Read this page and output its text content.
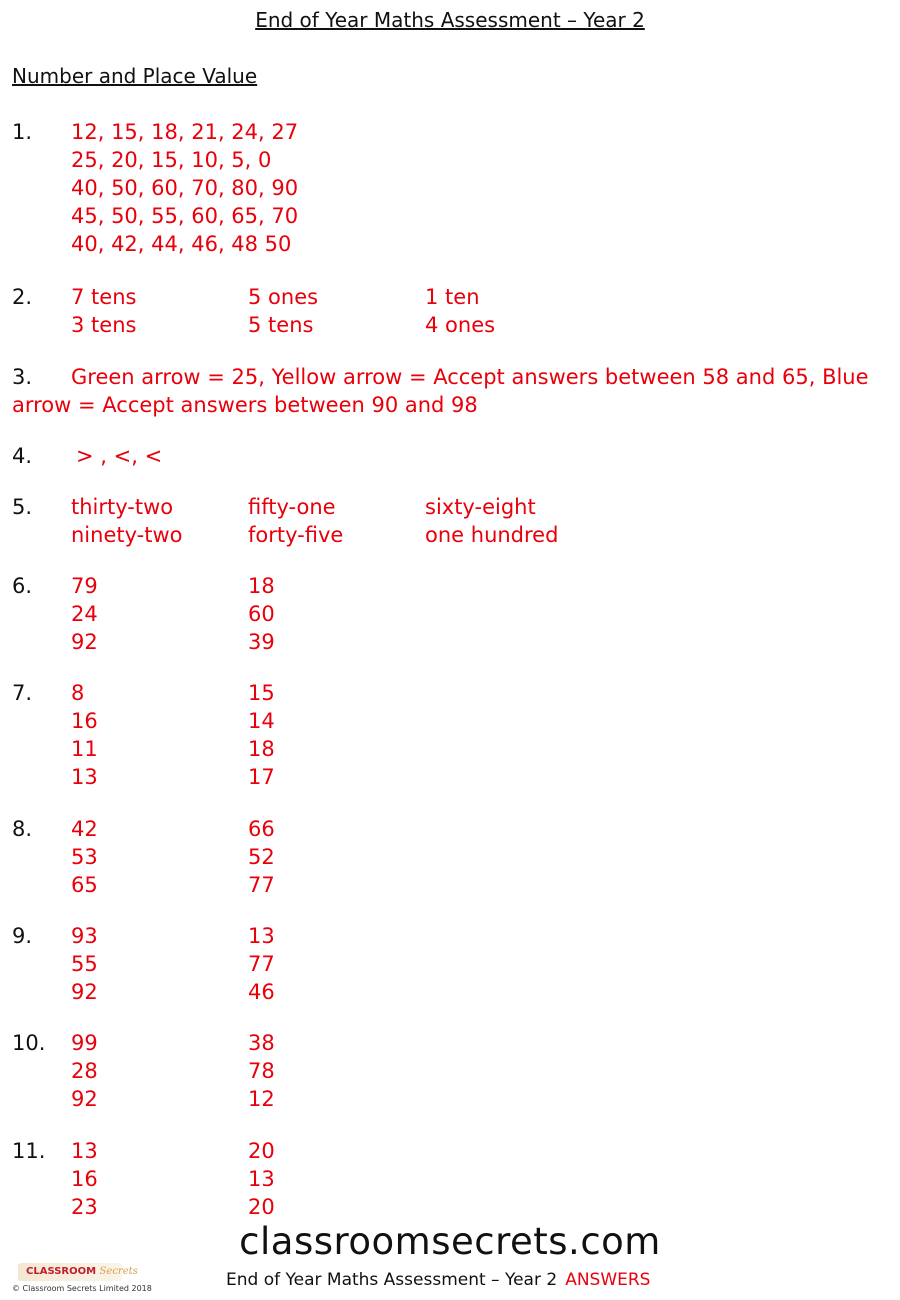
End of Year Maths Assessment – Year 2
Number and Place Value
1. 12, 15, 18, 21, 24, 27
25, 20, 15, 10, 5, 0
40, 50, 60, 70, 80, 90
45, 50, 55, 60, 65, 70
40, 42, 44, 46, 48 50
2. 7 tens	5 ones	1 ten
3 tens	5 tens	4 ones
3. Green arrow = 25, Yellow arrow = Accept answers between 58 and 65, Blue
arrow = Accept answers between 90 and 98
4. > , <, <
5. thirty-two	fifty-one	sixty-eight
ninety-two	forty-five	one hundred
6. 79	18
24	60
92	39
7. 8	15
16	14
11	18
13	17
8. 42	66
53	52
65	77
9. 93	13
55	77
92	46
10. 99	38
28	78
92	12
11. 13	20
16	13
23	20
classroomsecrets.com
CLASSROOM Secrets
© Classroom Secrets Limited 2018	End of Year Maths Assessment – Year 2 ANSWERS
